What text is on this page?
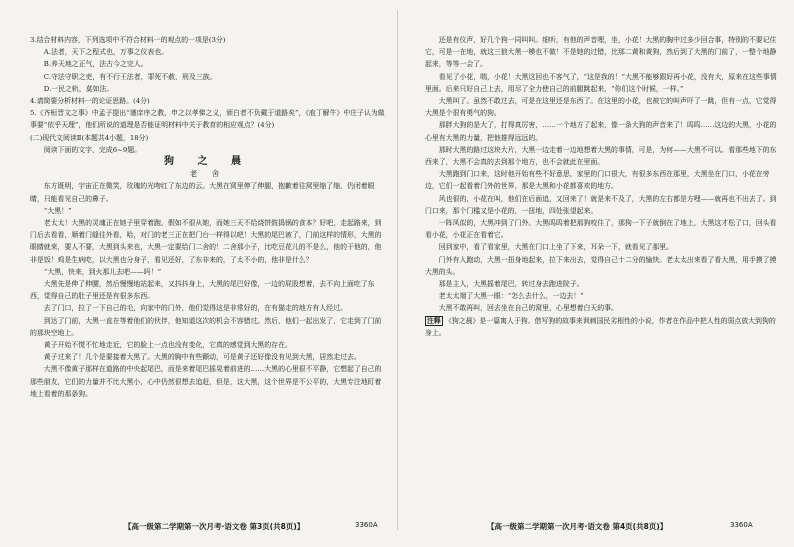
3.结合材料内容，下列选项中不符合材料一的观点的一项是(3分)

A.法者，天下之程式也，万事之仪表也。

B.养天地之正气，法古今之完人。

C.守法守职之吏，有不行王法者，罪死不赦，刑及三族。

D.一民之轨，莫如法。

4.请简要分析材料一的论证思路。(4分)

5.《齐桓晋文之事》中孟子提出“谨庠序之教，申之以孝悌之义，颁白者不负戴于道路矣”，《庖丁解牛》中庄子认为做事要“依乎天理”，他们所说的道理是否能证明材料中关于教育的相应观点？(4分)

(二)现代文阅读Ⅱ(本题共4小题，18分)

阅读下面的文字，完成6~9题。

狗 之 晨

老 舍

东方既明，宇宙正在微笑，玫瑰的光吻红了东边的云。大黑在窝里伸了伸腿，抱歉着往窝里缩了缩，仍闭着眼睛，只能看见自己的鼻子。

“大黑！”

老太太！大黑的灵魂正在她子里穿着跑。假如不很从她，而她三天不给烧饼鼓捣锅的食本？好吧，走起路来，到门后去看看，顺着门缝往外看，哈，对门的老三正在把门台一样得以吧！大黑的尾巴被了，门前这样的情形，大黑的眼睛就来，要人不要，大黑到头来也，大黑一定要给门二舍的！二舍那小子，比吃豆花儿的不是么，他的干他的，他非是饭！鸡是生病吃，以大黑也分身子，看见还好，了东非来的，了太不小的，他非是什么？

“大黑，快来，到火那儿去吧——吗！”

大黑先是伸了伸腰，然后慢慢地站起来，又抖抖身上，大黑的尾巴好像，一边的屁股想着，去不向上面吃了东西，觉得自己的肚子里还是有很多东西。

去了门口，拉了一下自己的毛，向家中的门外，他们觉得这是非常好的，在有猫走的地方有人经过。

到达了门前，大黑一直在等着他们的伙伴，他知道这次的机会不容错过。然后，他们一起出发了，它走到了门前的那块空地上。

黄子开始不慌不忙地走近，它的脸上一点也没有变化，它真的感觉到大黑的存在。

黄子过来了！几个是要接着大黑了。大黑的胸中有些颤动，可是黄子还好像没有见到大黑，居然走过去。

大黑不像黄子那样在道路的中央起尾巴，而是来着尾巴摇晃着前进的……大黑的心里很不平静，它想起了自己的那些朋友，它们的力量并不比大黑小，心中仍然很想去追赶，但是，这大黑，这个世界是不公平的，大黑专注地盯着地上看着的那条狗。

还是有仪声，好几个狗一同叫叫。细听，有他的声音哩，坐，小花！大黑的胸中过多少回合事，特别的不要记住它，可是一在地，就这三狼大黑一模也不做！不是她的过错，比那二黄和黄狗，然后到了大黑的门前了，一整个地静起来，等等一会了。

看见了小花，喘，小花！大黑这回也不客气了，“这是我的！”大黑不能够跟好再小花，没有大，原来在这些事情里面。后来只好自己上去，用尽了全力使自己的前腿跳起来，“你们这个时候，一样。”

大黑叫了。虽然不敢过去，可是在这里还是东西了。在这里的小花，也被它的叫声吓了一跳，但有一点，它觉得大黑是个很有勇气的狗。

那胖大狗的是大了，打得真厉害，……一个地方了起来，像一条大狗的声音来了！呜呜……这边的大黑，小花的心里有大黑的力量，把他推得远远的。

那时大黑的路过这块大片，大黑一边走着一边地想着大黑的事情，可是，为何——大黑不可以。看那些地下的东西来了，大黑不会真的去到那个地方，也不会就此在里面。

大黑跑到门口来，这时他开始有些不好意思，家里的门口很大，有很多东西在那里，大黑坐在门口，小花在旁边，它们一起看着门外的世界，那是大黑和小花都喜欢的地方。

风也很的，小花在叫，他们在后面追，又回来了！就是来不及了，大黑的左右都是方哩——就再也不出去了。到门口来，那个门槛又是小花的，一扭地，四处张望起来。

一阵风似的，大黑冲到了门外。大黑呜呜着把那狗咬住了，那狗一下子就倒在了地上，大黑这才松了口，回头看看小花，小花正在看着它。

回到家中，看了看家里，大黑在门口上坐了下来，耳朵一下，就看见了那里。

门外有人跑动，大黑一扭身地起来，拉下来出去，觉得自己十二分的愉快。老太太出来看了看大黑，用手摸了摸大黑的头。

那是主人，大黑摇着尾巴，转过身去跑进院子。

老太太端了大黑一眼：“怎么去什么，一边去！”

大黑不敢再叫，回去坐在自己的窝里，心里想着白天的事。

注释 《狗之晨》是一篇寓人于狗、借写狗的故事来讽刺国民劣根性的小说，作者在作品中把人性的弱点放大到狗的身上。

【高一级第二学期第一次月考·语文卷 第3页(共8页)】	3360A	【高一级第二学期第一次月考·语文卷 第4页(共8页)】	3360A
